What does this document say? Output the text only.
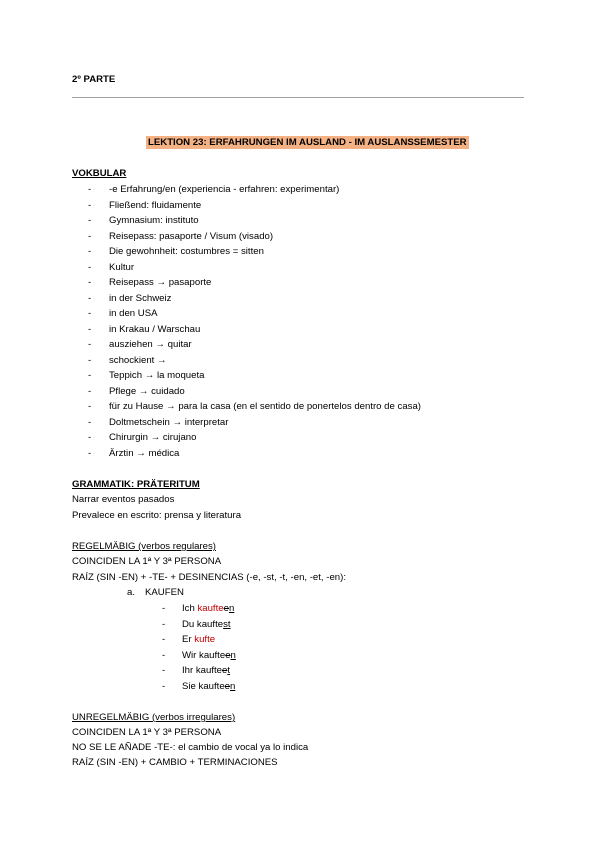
2º PARTE
LEKTION 23: ERFAHRUNGEN IM AUSLAND - IM AUSLANSSEMESTER
VOKBULAR
-	-e Erfahrung/en (experiencia - erfahren: experimentar)
-	Fließend: fluidamente
-	Gymnasium: instituto
-	Reisepass: pasaporte / Visum (visado)
-	Die gewohnheit: costumbres = sitten
-	Kultur
-	Reisepass → pasaporte
-	in der Schweiz
-	in den USA
-	in Krakau / Warschau
-	ausziehen → quitar
-	schockient →
-	Teppich → la moqueta
-	Pflege → cuidado
-	für zu Hause → para la casa (en el sentido de ponertelos dentro de casa)
-	Doltmetschein → interpretar
-	Chirurgin → cirujano
-	Ärztin → médica
GRAMMATIK: PRÄTERITUM
Narrar eventos pasados
Prevalece en escrito: prensa y literatura
REGELMÄBIG (verbos regulares)
COINCIDEN LA 1ª Y 3ª PERSONA
RAÍZ (SIN -EN) + -TE- + DESINENCIAS (-e, -st, -t, -en, -et, -en):
a. KAUFEN
-	Ich kaufteen
-	Du kauftest
-	Er kufte
-	Wir kaufteen
-	Ihr kaufteet
-	Sie kaufteen
UNREGELMÄBIG (verbos irregulares)
COINCIDEN LA 1ª Y 3ª PERSONA
NO SE LE AÑADE -TE-: el cambio de vocal ya lo indica
RAÍZ (SIN -EN) + CAMBIO + TERMINACIONES
